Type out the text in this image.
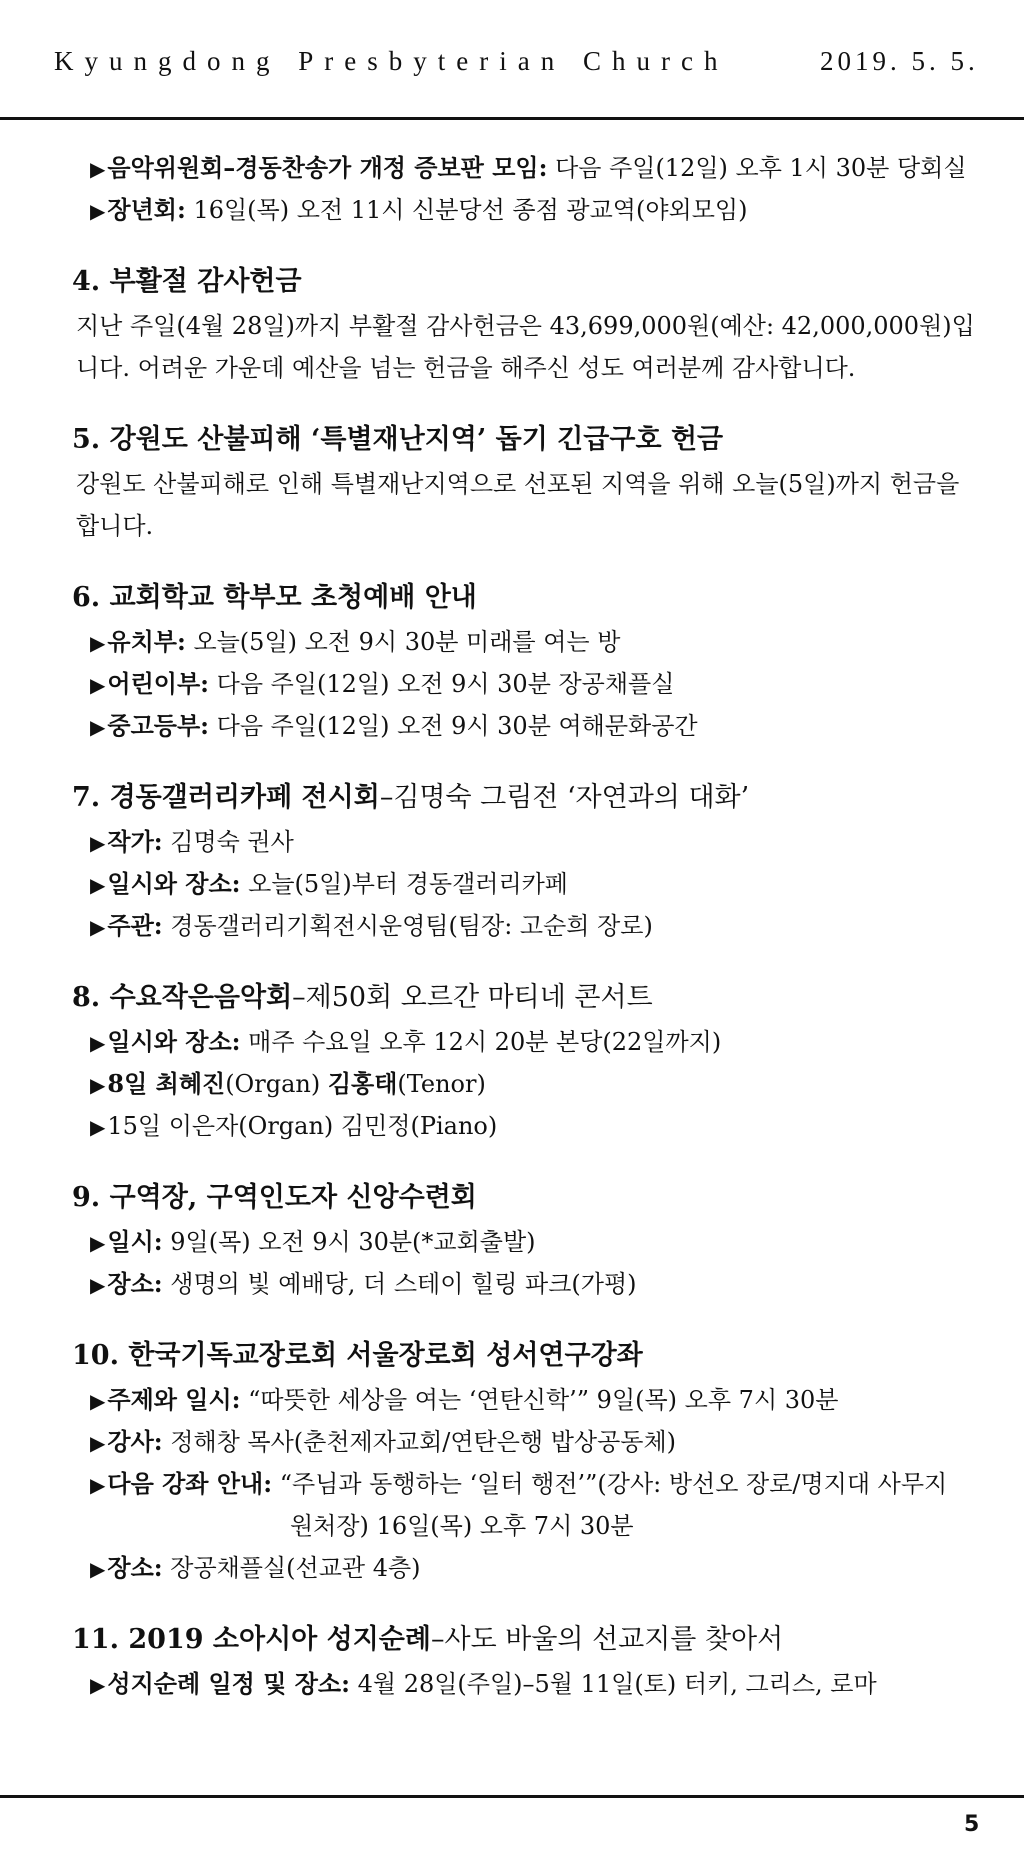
Kyungdong Presbyterian Church	2019. 5. 5.
▶음악위원회–경동찬송가 개정 증보판 모임: 다음 주일(12일) 오후 1시 30분 당회실
▶장년회: 16일(목) 오전 11시 신분당선 종점 광교역(야외모임)
4. 부활절 감사헌금
지난 주일(4월 28일)까지 부활절 감사헌금은 43,699,000원(예산: 42,000,000원)입
니다. 어려운 가운데 예산을 넘는 헌금을 해주신 성도 여러분께 감사합니다.
5. 강원도 산불피해 ‘특별재난지역’ 돕기 긴급구호 헌금
강원도 산불피해로 인해 특별재난지역으로 선포된 지역을 위해 오늘(5일)까지 헌금을
합니다.
6. 교회학교 학부모 초청예배 안내
▶유치부: 오늘(5일) 오전 9시 30분 미래를 여는 방
▶어린이부: 다음 주일(12일) 오전 9시 30분 장공채플실
▶중고등부: 다음 주일(12일) 오전 9시 30분 여해문화공간
7. 경동갤러리카페 전시회–김명숙 그림전 ‘자연과의 대화’
▶작가: 김명숙 권사
▶일시와 장소: 오늘(5일)부터 경동갤러리카페
▶주관: 경동갤러리기획전시운영팀(팀장: 고순희 장로)
8. 수요작은음악회–제50회 오르간 마티네 콘서트
▶일시와 장소: 매주 수요일 오후 12시 20분 본당(22일까지)
▶8일 최혜진(Organ) 김홍태(Tenor)
▶15일 이은자(Organ) 김민정(Piano)
9. 구역장, 구역인도자 신앙수련회
▶일시: 9일(목) 오전 9시 30분(*교회출발)
▶장소: 생명의 빛 예배당, 더 스테이 힐링 파크(가평)
10. 한국기독교장로회 서울장로회 성서연구강좌
▶주제와 일시: “따뜻한 세상을 여는 ‘연탄신학’” 9일(목) 오후 7시 30분
▶강사: 정해창 목사(춘천제자교회/연탄은행 밥상공동체)
▶다음 강좌 안내: “주님과 동행하는 ‘일터 행전’”(강사: 방선오 장로/명지대 사무지
원처장) 16일(목) 오후 7시 30분
▶장소: 장공채플실(선교관 4층)
11. 2019 소아시아 성지순례–사도 바울의 선교지를 찾아서
▶성지순례 일정 및 장소: 4월 28일(주일)–5월 11일(토) 터키, 그리스, 로마
5
